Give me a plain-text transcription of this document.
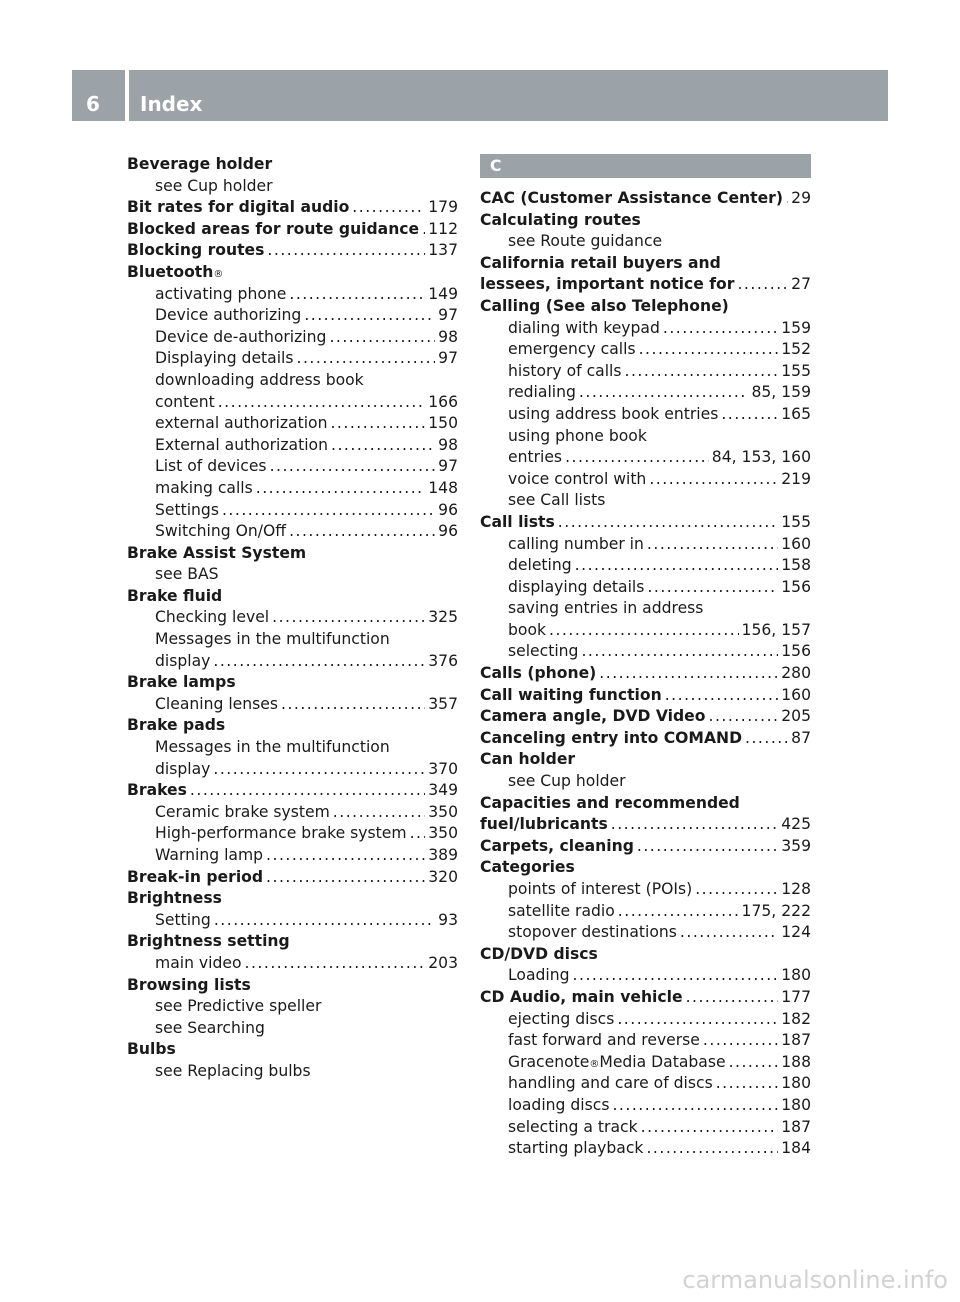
6 Index
Beverage holder
see Cup holder
Bit rates for digital audio .....	179
Blocked areas for route guidance ..... 112
Blocking routes .....	137
Bluetooth ®
activating phone .....	149
Device authorizing .....	97
Device de-authorizing .....	98
Displaying details .....	97
downloading address book
content .....	166
external authorization .....	150
External authorization .....	98
List of devices .....	97
making calls .....	148
Settings .....	96
Switching On/Off .....	96
Brake Assist System
see BAS
Brake fluid
Checking level .....	325
Messages in the multifunction
display .....	376
Brake lamps
Cleaning lenses .....	357
Brake pads
Messages in the multifunction
display .....	370
Brakes .....	349
Ceramic brake system .....	350
High-performance brake system ..... 350
Warning lamp .....	389
Break-in period .....	320
Brightness
Setting .....	93
Brightness setting
main video .....	203
Browsing lists
see Predictive speller
see Searching
Bulbs
see Replacing bulbs
C
CAC (Customer Assistance Center) ..... 29
Calculating routes
see Route guidance
California retail buyers and
lessees, important notice for .....	27
Calling (See also Telephone)
dialing with keypad .....	159
emergency calls .....	152
history of calls .....	155
redialing .....	85, 159
using address book entries .....	165
using phone book
entries .....	84, 153, 160
voice control with .....	219
see Call lists
Call lists .....	155
calling number in .....	160
deleting .....	158
displaying details .....	156
saving entries in address
book .....	156, 157
selecting .....	156
Calls (phone) .....	280
Call waiting function .....	160
Camera angle, DVD Video .....	205
Canceling entry into COMAND .....	87
Can holder
see Cup holder
Capacities and recommended
fuel/lubricants .....	425
Carpets, cleaning .....	359
Categories
points of interest (POIs) .....	128
satellite radio .....	175, 222
stopover destinations .....	124
CD/DVD discs
Loading .....	180
CD Audio, main vehicle .....	177
ejecting discs .....	182
fast forward and reverse .....	187
Gracenote ® Media Database .....	188
handling and care of discs .....	180
loading discs .....	180
selecting a track .....	187
starting playback .....	184
carmanualsonline.info
